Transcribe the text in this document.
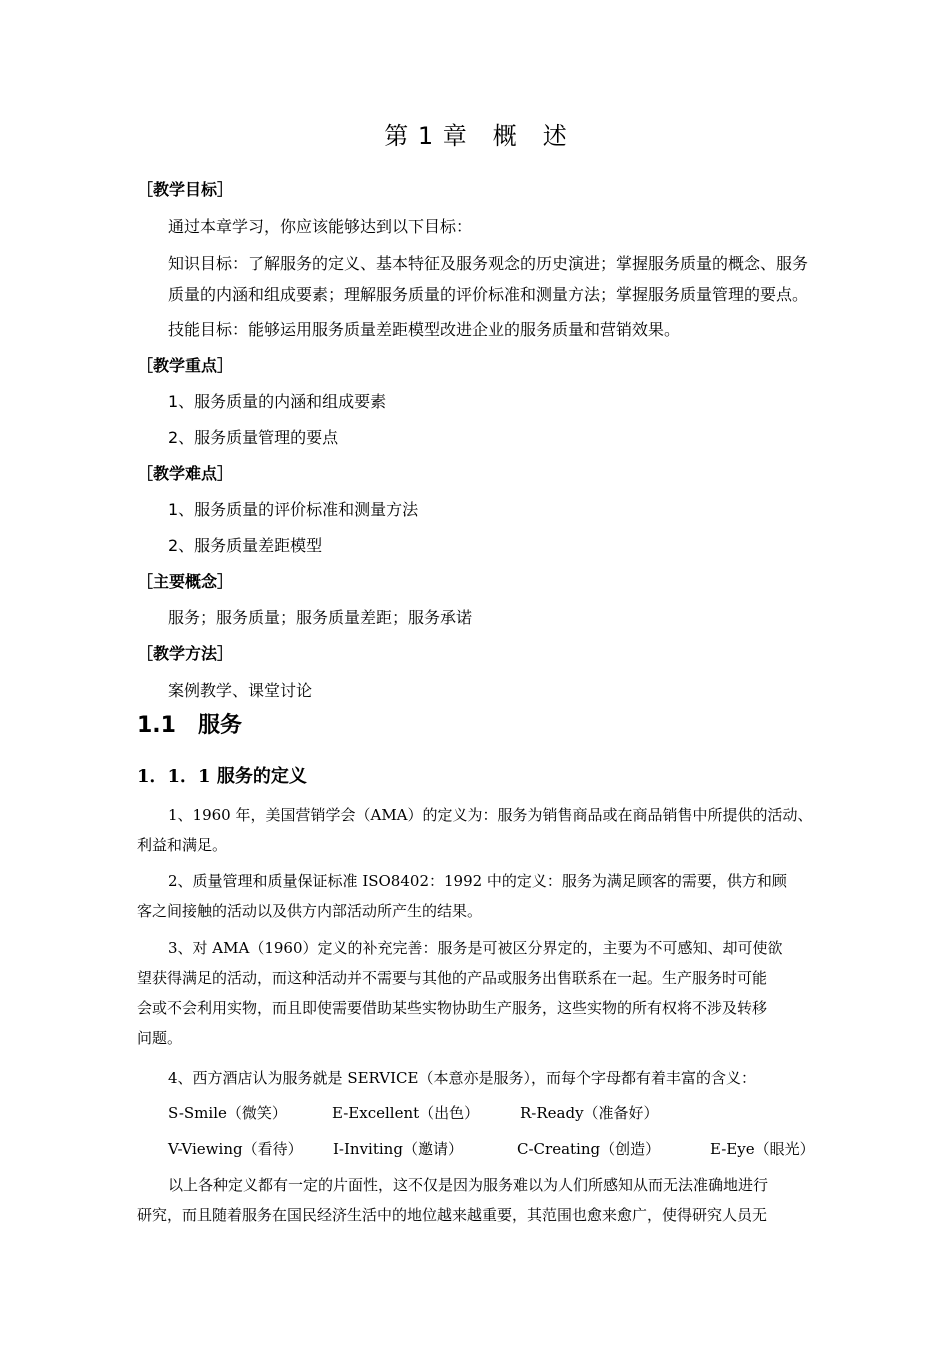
第 1 章　概　述
［教学目标］
通过本章学习，你应该能够达到以下目标：
知识目标：了解服务的定义、基本特征及服务观念的历史演进；掌握服务质量的概念、服务
质量的内涵和组成要素；理解服务质量的评价标准和测量方法；掌握服务质量管理的要点。
技能目标：能够运用服务质量差距模型改进企业的服务质量和营销效果。
［教学重点］
1、服务质量的内涵和组成要素
2、服务质量管理的要点
［教学难点］
1、服务质量的评价标准和测量方法
2、服务质量差距模型
［主要概念］
服务；服务质量；服务质量差距；服务承诺
［教学方法］
案例教学、课堂讨论
1.1　服务
1．1．1 服务的定义
1、1960 年，美国营销学会（AMA）的定义为：服务为销售商品或在商品销售中所提供的活动、
利益和满足。
2、质量管理和质量保证标准 ISO8402：1992 中的定义：服务为满足顾客的需要，供方和顾
客之间接触的活动以及供方内部活动所产生的结果。
3、对 AMA（1960）定义的补充完善：服务是可被区分界定的，主要为不可感知、却可使欲
望获得满足的活动，而这种活动并不需要与其他的产品或服务出售联系在一起。生产服务时可能
会或不会利用实物，而且即使需要借助某些实物协助生产服务，这些实物的所有权将不涉及转移
问题。
4、西方酒店认为服务就是 SERVICE（本意亦是服务），而每个字母都有着丰富的含义：
S-Smile（微笑）	E-Excellent（出色）	R-Ready（准备好）
V-Viewing（看待） I-Inviting（邀请）	C-Creating（创造）	E-Eye（眼光）
以上各种定义都有一定的片面性，这不仅是因为服务难以为人们所感知从而无法准确地进行
研究，而且随着服务在国民经济生活中的地位越来越重要，其范围也愈来愈广，使得研究人员无
